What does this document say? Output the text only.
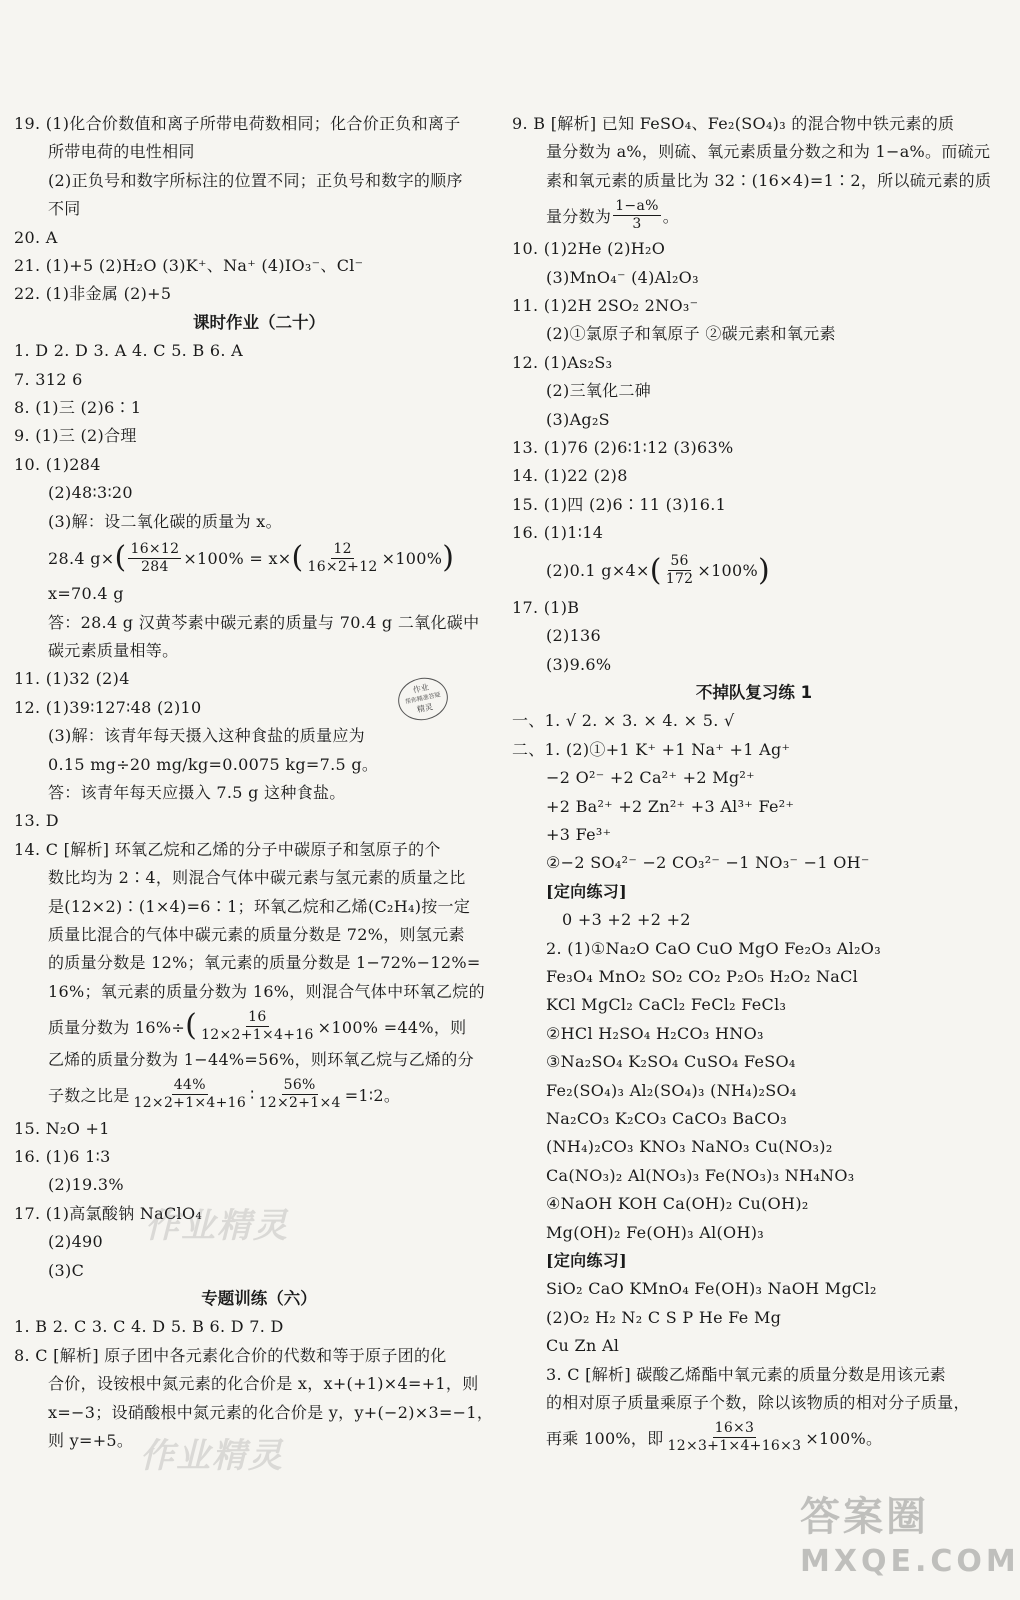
19. (1)化合价数值和离子所带电荷数相同；化合价正负和离子
所带电荷的电性相同
(2)正负号和数字所标注的位置不同；正负号和数字的顺序
不同
20. A
21. (1)+5 (2)H₂O (3)K⁺、Na⁺ (4)IO₃⁻、Cl⁻
22. (1)非金属 (2)+5
课时作业（二十）
1. D 2. D 3. A 4. C 5. B 6. A
7. 312 6
8. (1)三 (2)6∶1
9. (1)三 (2)合理
10. (1)284
(2)48∶3∶20
(3)解：设二氧化碳的质量为 x。
28.4 g× ( $\frac{16\times 12}{284} \times 100\% = x\times$ ( $\frac{12}{16\times 2+12} \times 100\%$ )
x=70.4 g
答：28.4 g 汉黄芩素中碳元素的质量与 70.4 g 二氧化碳中
碳元素质量相等。
11. (1)32 (2)4
12. (1)39∶127∶48 (2)10
(3)解：该青年每天摄入这种食盐的质量应为
0.15 mg÷20 mg/kg=0.0075 kg=7.5 g。
答：该青年每天应摄入 7.5 g 这种食盐。
13. D
14. C [解析] 环氧乙烷和乙烯的分子中碳原子和氢原子的个
数比均为 2∶4，则混合气体中碳元素与氢元素的质量之比
是(12×2)∶(1×4)=6∶1；环氧乙烷和乙烯(C₂H₄)按一定
质量比混合的气体中碳元素的质量分数是 72%，则氢元素
的质量分数是 12%；氧元素的质量分数是 1−72%−12%=
16%；氧元素的质量分数为 16%，则混合气体中环氧乙烷的
质量分数为 16%÷ ( $\frac{16}{12\times 2+1\times 4+16} \times 100\% =44\%$，则
乙烯的质量分数为 1−44%=56%，则环氧乙烷与乙烯的分
子数之比是 $\frac{44\%}{12\times 2+1\times 4+16}$ ∶ $\frac{56\%}{12\times 2+1\times 4}$ =1∶2。
15. N₂O +1
16. (1)6 1∶3
(2)19.3%
17. (1)高氯酸钠 NaClO₄
(2)490
(3)C
专题训练（六）
1. B 2. C 3. C 4. D 5. B 6. D 7. D
8. C [解析] 原子团中各元素化合价的代数和等于原子团的化
合价，设铵根中氮元素的化合价是 x，x+(+1)×4=+1，则
x=−3；设硝酸根中氮元素的化合价是 y，y+(−2)×3=−1，
则 y=+5。
9. B [解析] 已知 FeSO₄、Fe₂(SO₄)₃ 的混合物中铁元素的质
量分数为 a%，则硫、氧元素质量分数之和为 1−a%。而硫元
素和氧元素的质量比为 32∶(16×4)=1∶2，所以硫元素的质
量分数为 $\frac{1-a\%}{3}$ 。
10. (1)2He (2)H₂O
(3)MnO₄⁻ (4)Al₂O₃
11. (1)2H 2SO₂ 2NO₃⁻
(2)①氯原子和氧原子 ②碳元素和氧元素
12. (1)As₂S₃
(2)三氧化二砷
(3)Ag₂S
13. (1)76 (2)6∶1∶12 (3)63%
14. (1)22 (2)8
15. (1)四 (2)6∶11 (3)16.1
16. (1)1∶14
(2)0.1 g×4× ( $\frac{56}{172} \times 100\%$ )
17. (1)B
(2)136
(3)9.6%
不掉队复习练 1
一、1. √ 2. × 3. × 4. × 5. √
二、1. (2)①+1 K⁺ +1 Na⁺ +1 Ag⁺
−2 O²⁻ +2 Ca²⁺ +2 Mg²⁺
+2 Ba²⁺ +2 Zn²⁺ +3 Al³⁺ Fe²⁺
+3 Fe³⁺
②−2 SO₄²⁻ −2 CO₃²⁻ −1 NO₃⁻ −1 OH⁻
[定向练习]
0 +3 +2 +2 +2
2. (1)①Na₂O CaO CuO MgO Fe₂O₃ Al₂O₃
Fe₃O₄ MnO₂ SO₂ CO₂ P₂O₅ H₂O₂ NaCl
KCl MgCl₂ CaCl₂ FeCl₂ FeCl₃
②HCl H₂SO₄ H₂CO₃ HNO₃
③Na₂SO₄ K₂SO₄ CuSO₄ FeSO₄
Fe₂(SO₄)₃ Al₂(SO₄)₃ (NH₄)₂SO₄
Na₂CO₃ K₂CO₃ CaCO₃ BaCO₃
(NH₄)₂CO₃ KNO₃ NaNO₃ Cu(NO₃)₂
Ca(NO₃)₂ Al(NO₃)₃ Fe(NO₃)₃ NH₄NO₃
④NaOH KOH Ca(OH)₂ Cu(OH)₂
Mg(OH)₂ Fe(OH)₃ Al(OH)₃
[定向练习]
SiO₂ CaO KMnO₄ Fe(OH)₃ NaOH MgCl₂
(2)O₂ H₂ N₂ C S P He Fe Mg
Cu Zn Al
3. C [解析] 碳酸乙烯酯中氧元素的质量分数是用该元素
的相对原子质量乘原子个数，除以该物质的相对分子质量，
再乘 100%，即 $\frac{16\times 3}{12\times 3+1\times 4+16\times 3} \times 100\%$。
作业
帮你精准答疑
精灵
作业精灵
作业精灵
答案圈
MXQE.COM
